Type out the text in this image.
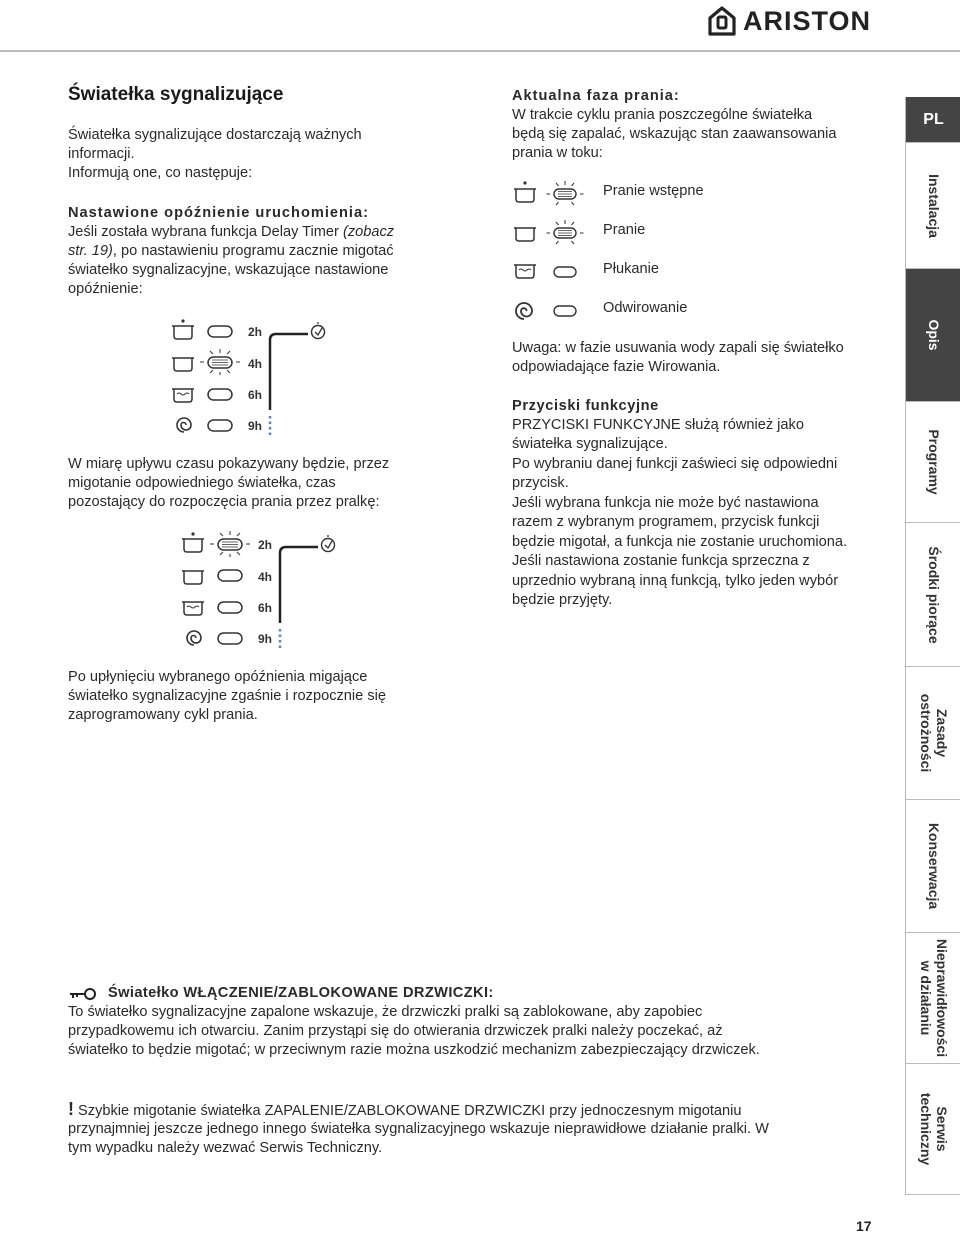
ARISTON
Światełka sygnalizujące
Światełka sygnalizujące dostarczają ważnych
informacji.
Informują one, co następuje:
Nastawione opóźnienie uruchomienia:
Jeśli została wybrana funkcja Delay Timer (zobacz
str. 19), po nastawieniu programu zacznie migotać
światełko sygnalizacyjne, wskazujące nastawione
opóźnienie:
2h
4h
6h
9h
W miarę upływu czasu pokazywany będzie, przez
migotanie odpowiedniego światełka, czas
pozostający do rozpoczęcia prania przez pralkę:
2h
4h
6h
9h
Po upłynięciu wybranego opóźnienia migające
światełko sygnalizacyjne zgaśnie i rozpocznie się
zaprogramowany cykl prania.
Aktualna faza prania:
W trakcie cyklu prania poszczególne światełka
będą się zapalać, wskazując stan zaawansowania
prania w toku:
Pranie wstępne
Pranie
Płukanie
Odwirowanie
Uwaga: w fazie usuwania wody zapali się światełko
odpowiadające fazie Wirowania.
Przyciski funkcyjne
PRZYCISKI FUNKCYJNE służą również jako
światełka sygnalizujące.
Po wybraniu danej funkcji zaświeci się odpowiedni
przycisk.
Jeśli wybrana funkcja nie może być nastawiona
razem z wybranym programem, przycisk funkcji
będzie migotał, a funkcja nie zostanie uruchomiona.
Jeśli nastawiona zostanie funkcja sprzeczna z
uprzednio wybraną inną funkcją, tylko jeden wybór
będzie przyjęty.
Światełko WŁĄCZENIE/ZABLOKOWANE DRZWICZKI:
To światełko sygnalizacyjne zapalone wskazuje, że drzwiczki pralki są zablokowane, aby zapobiec
przypadkowemu ich otwarciu. Zanim przystąpi się do otwierania drzwiczek pralki należy poczekać, aż
światełko to będzie migotać; w przeciwnym razie można uszkodzić mechanizm zabezpieczający drzwiczek.
! Szybkie migotanie światełka ZAPALENIE/ZABLOKOWANE DRZWICZKI przy jednoczesnym migotaniu
przynajmniej jeszcze jednego innego światełka sygnalizacyjnego wskazuje nieprawidłowe działanie pralki. W
tym wypadku należy wezwać Serwis Techniczny.
PL
Instalacja
Opis
Programy
Środki piorące
Zasady
ostrożności
Konserwacja
Nieprawidłowości
w działaniu
Serwis
techniczny
17
